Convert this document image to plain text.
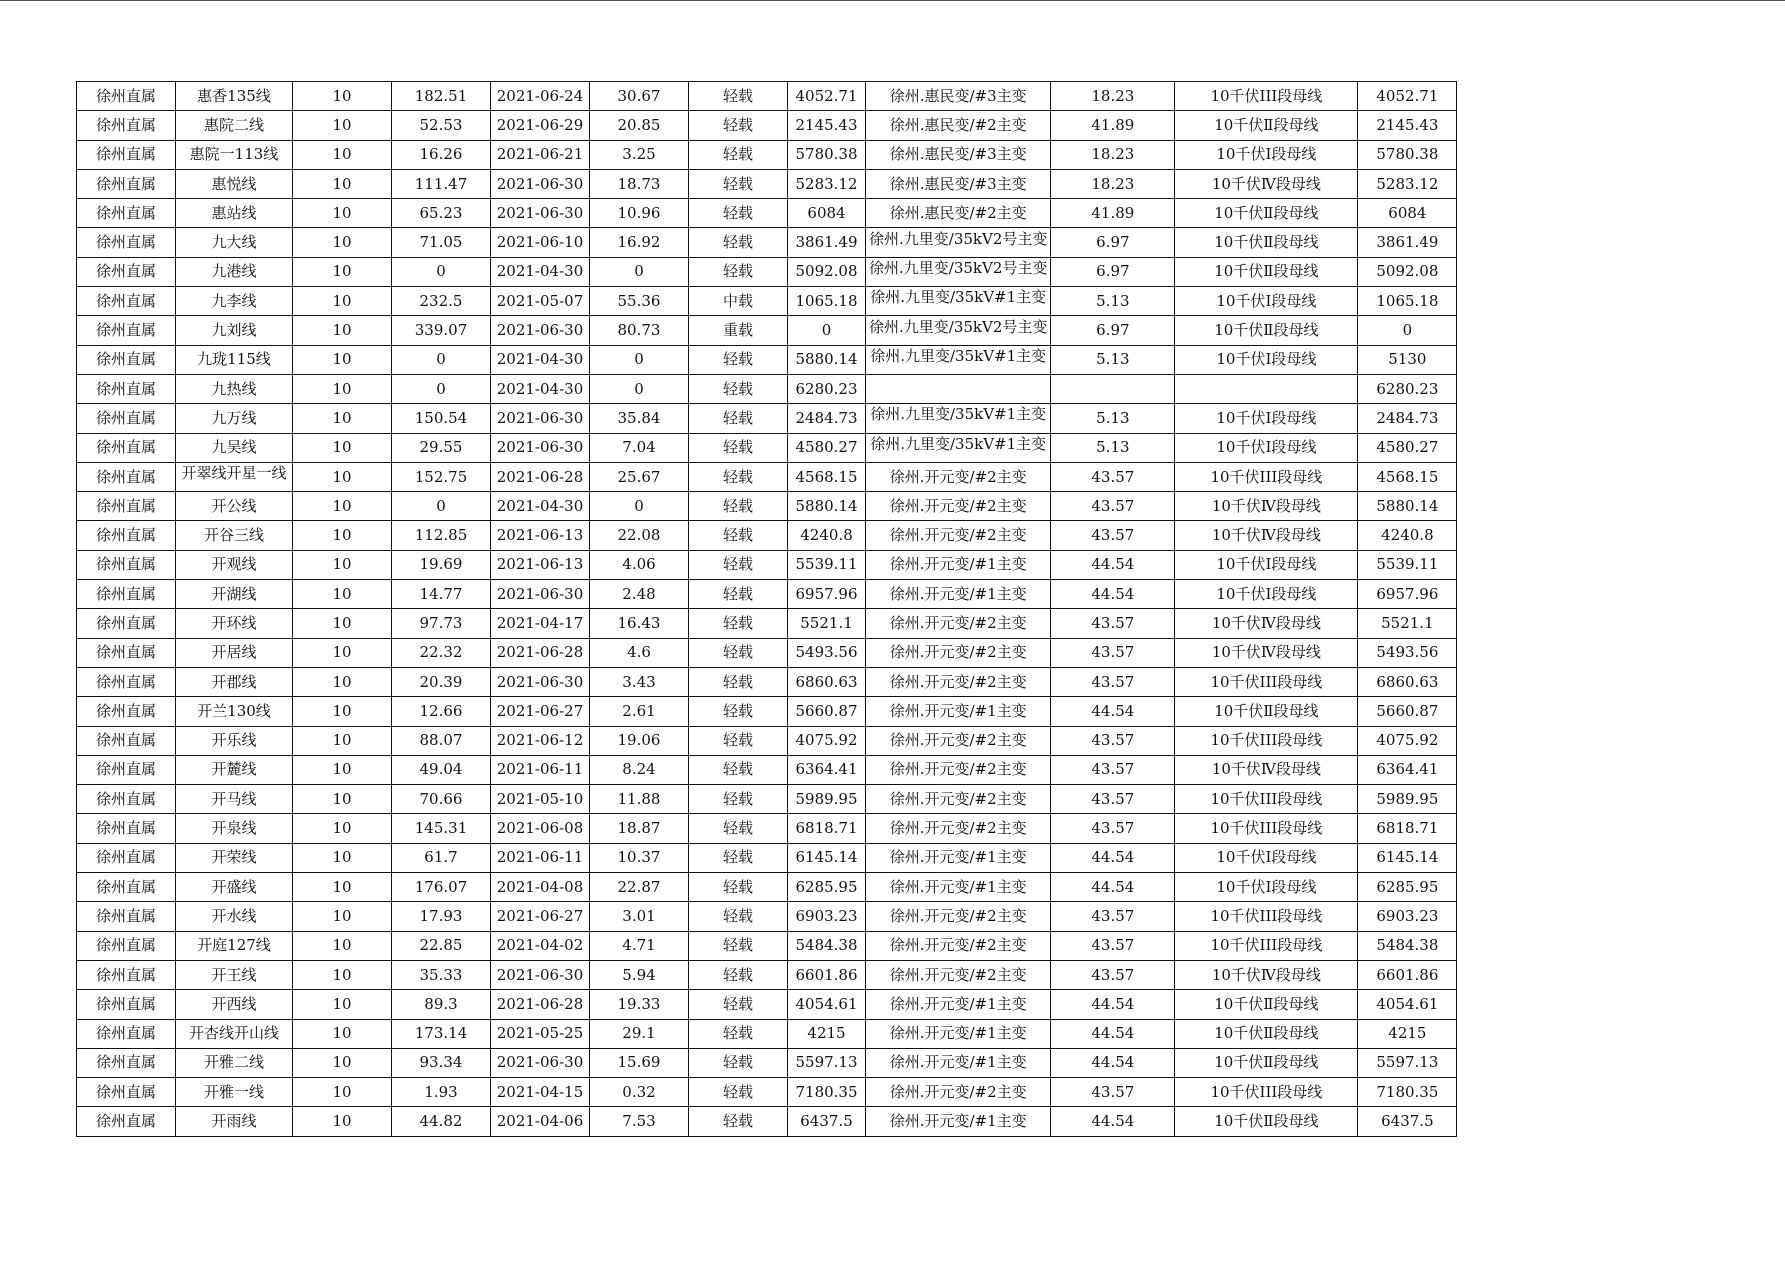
徐州直属	惠香135线	10	182.51	2021-06-24	30.67	轻载	4052.71	徐州.惠民变/#3主变	18.23	10千伏III段母线	4052.71
徐州直属	惠院二线	10	52.53	2021-06-29	20.85	轻载	2145.43	徐州.惠民变/#2主变	41.89	10千伏Ⅱ段母线	2145.43
徐州直属	惠院一113线	10	16.26	2021-06-21	3.25	轻载	5780.38	徐州.惠民变/#3主变	18.23	10千伏Ⅰ段母线	5780.38
徐州直属	惠悦线	10	111.47	2021-06-30	18.73	轻载	5283.12	徐州.惠民变/#3主变	18.23	10千伏Ⅳ段母线	5283.12
徐州直属	惠站线	10	65.23	2021-06-30	10.96	轻载	6084	徐州.惠民变/#2主变	41.89	10千伏Ⅱ段母线	6084
徐州直属	九大线	10	71.05	2021-06-10	16.92	轻载	3861.49	徐州.九里变/35kV2号主变	6.97	10千伏Ⅱ段母线	3861.49
徐州直属	九港线	10	0	2021-04-30	0	轻载	5092.08	徐州.九里变/35kV2号主变	6.97	10千伏Ⅱ段母线	5092.08
徐州直属	九李线	10	232.5	2021-05-07	55.36	中载	1065.18	徐州.九里变/35kV#1主变	5.13	10千伏Ⅰ段母线	1065.18
徐州直属	九刘线	10	339.07	2021-06-30	80.73	重载	0	徐州.九里变/35kV2号主变	6.97	10千伏Ⅱ段母线	0
徐州直属	九珑115线	10	0	2021-04-30	0	轻载	5880.14	徐州.九里变/35kV#1主变	5.13	10千伏Ⅰ段母线	5130
徐州直属	九热线	10	0	2021-04-30	0	轻载	6280.23				6280.23
徐州直属	九万线	10	150.54	2021-06-30	35.84	轻载	2484.73	徐州.九里变/35kV#1主变	5.13	10千伏Ⅰ段母线	2484.73
徐州直属	九吴线	10	29.55	2021-06-30	7.04	轻载	4580.27	徐州.九里变/35kV#1主变	5.13	10千伏Ⅰ段母线	4580.27
徐州直属	开翠线开星一线	10	152.75	2021-06-28	25.67	轻载	4568.15	徐州.开元变/#2主变	43.57	10千伏III段母线	4568.15
徐州直属	开公线	10	0	2021-04-30	0	轻载	5880.14	徐州.开元变/#2主变	43.57	10千伏Ⅳ段母线	5880.14
徐州直属	开谷三线	10	112.85	2021-06-13	22.08	轻载	4240.8	徐州.开元变/#2主变	43.57	10千伏Ⅳ段母线	4240.8
徐州直属	开观线	10	19.69	2021-06-13	4.06	轻载	5539.11	徐州.开元变/#1主变	44.54	10千伏Ⅰ段母线	5539.11
徐州直属	开湖线	10	14.77	2021-06-30	2.48	轻载	6957.96	徐州.开元变/#1主变	44.54	10千伏Ⅰ段母线	6957.96
徐州直属	开环线	10	97.73	2021-04-17	16.43	轻载	5521.1	徐州.开元变/#2主变	43.57	10千伏Ⅳ段母线	5521.1
徐州直属	开居线	10	22.32	2021-06-28	4.6	轻载	5493.56	徐州.开元变/#2主变	43.57	10千伏Ⅳ段母线	5493.56
徐州直属	开郡线	10	20.39	2021-06-30	3.43	轻载	6860.63	徐州.开元变/#2主变	43.57	10千伏III段母线	6860.63
徐州直属	开兰130线	10	12.66	2021-06-27	2.61	轻载	5660.87	徐州.开元变/#1主变	44.54	10千伏Ⅱ段母线	5660.87
徐州直属	开乐线	10	88.07	2021-06-12	19.06	轻载	4075.92	徐州.开元变/#2主变	43.57	10千伏III段母线	4075.92
徐州直属	开麓线	10	49.04	2021-06-11	8.24	轻载	6364.41	徐州.开元变/#2主变	43.57	10千伏Ⅳ段母线	6364.41
徐州直属	开马线	10	70.66	2021-05-10	11.88	轻载	5989.95	徐州.开元变/#2主变	43.57	10千伏III段母线	5989.95
徐州直属	开泉线	10	145.31	2021-06-08	18.87	轻载	6818.71	徐州.开元变/#2主变	43.57	10千伏III段母线	6818.71
徐州直属	开荣线	10	61.7	2021-06-11	10.37	轻载	6145.14	徐州.开元变/#1主变	44.54	10千伏Ⅰ段母线	6145.14
徐州直属	开盛线	10	176.07	2021-04-08	22.87	轻载	6285.95	徐州.开元变/#1主变	44.54	10千伏Ⅰ段母线	6285.95
徐州直属	开水线	10	17.93	2021-06-27	3.01	轻载	6903.23	徐州.开元变/#2主变	43.57	10千伏III段母线	6903.23
徐州直属	开庭127线	10	22.85	2021-04-02	4.71	轻载	5484.38	徐州.开元变/#2主变	43.57	10千伏III段母线	5484.38
徐州直属	开王线	10	35.33	2021-06-30	5.94	轻载	6601.86	徐州.开元变/#2主变	43.57	10千伏Ⅳ段母线	6601.86
徐州直属	开西线	10	89.3	2021-06-28	19.33	轻载	4054.61	徐州.开元变/#1主变	44.54	10千伏Ⅱ段母线	4054.61
徐州直属	开杏线开山线	10	173.14	2021-05-25	29.1	轻载	4215	徐州.开元变/#1主变	44.54	10千伏Ⅱ段母线	4215
徐州直属	开雅二线	10	93.34	2021-06-30	15.69	轻载	5597.13	徐州.开元变/#1主变	44.54	10千伏Ⅱ段母线	5597.13
徐州直属	开雅一线	10	1.93	2021-04-15	0.32	轻载	7180.35	徐州.开元变/#2主变	43.57	10千伏III段母线	7180.35
徐州直属	开雨线	10	44.82	2021-04-06	7.53	轻载	6437.5	徐州.开元变/#1主变	44.54	10千伏Ⅱ段母线	6437.5
